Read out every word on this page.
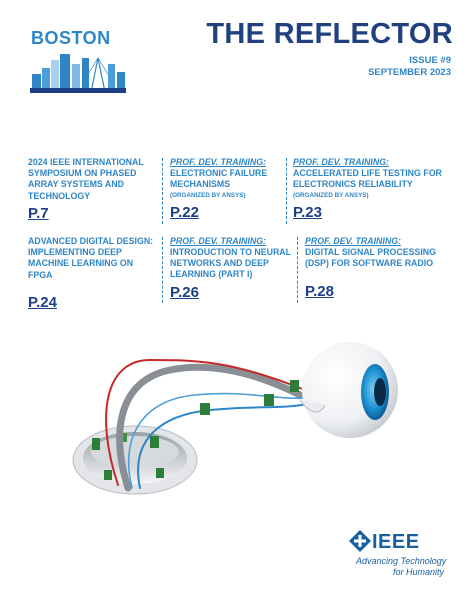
BOSTON	THE REFLECTOR
ISSUE #9
SEPTEMBER 2023
2024 IEEE INTERNATIONAL SYMPOSIUM ON PHASED ARRAY SYSTEMS AND TECHNOLOGY
P.7
PROF. DEV. TRAINING:
ELECTRONIC FAILURE MECHANISMS
(ORGANIZED BY ANSYS)
P.22
PROF. DEV. TRAINING:
ACCELERATED LIFE TESTING FOR ELECTRONICS RELIABILITY
(ORGANIZED BY ANSYS)
P.23
ADVANCED DIGITAL DESIGN: IMPLEMENTING DEEP MACHINE LEARNING ON FPGA
P.24
PROF. DEV. TRAINING:
INTRODUCTION TO NEURAL NETWORKS AND DEEP LEARNING (PART I)
P.26
PROF. DEV. TRAINING:
DIGITAL SIGNAL PROCESSING (DSP) FOR SOFTWARE RADIO
P.28
IEEE
Advancing Technology
for Humanity
